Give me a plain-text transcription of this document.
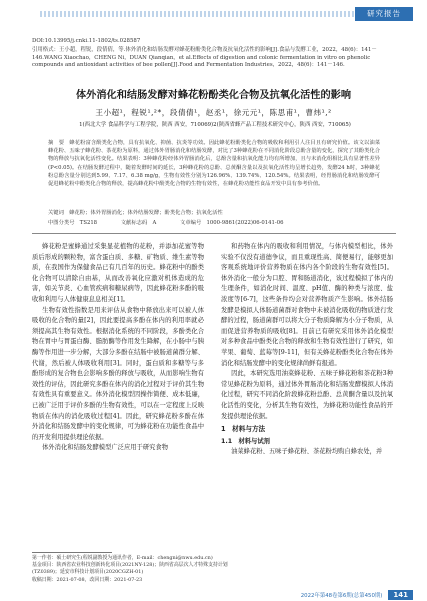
研究报告
DOI:10.13995/j.cnki.11-1802/ts.028587
引用格式：王小超，程锐，段倩倩，等.体外消化和结肠发酵对蜂花粉酚类化合物及抗氧化活性的影响[J].食品与发酵工业，2022，48(6)：141－146.WANG Xiaochao，CHENG Ni，DUAN Qianqian，et al.Effects of digestion and colonic fermentation in vitro on phenolic compounds and antioxidant activities of bee pollen[J].Food and Fermentation Industries，2022，48(6)：141－146.
体外消化和结肠发酵对蜂花粉酚类化合物及抗氧化活性的影响
王小超¹，程锐¹,²*，段倩倩¹，赵丞¹，徐元元¹，陈思甫¹，曹炜¹,²
1(西北大学 食品科学与工程学院，陕西 西安，710069)2(陕西省蜂产品工程技术研究中心，陕西 西安，710065)
摘　要　蜂花粉富含酚类化合物，具有抗氧化、抑菌、抗炎等功效。因此蜂花粉酚类化合物的吸收和利用引人注目且有研究价值。该文以油菜蜂花粉、五味子蜂花粉、茶花粉为原料，通过体外胃肠消化和结肠发酵，对比了3种蜂花粉在不同消化阶段总酚含量的变化，探究了其酚类化合物的释放与抗氧化活性变化。结果表明：3种蜂花粉经体外胃肠消化后，总酚含量和抗氧化能力均有所增加，且与未消化组相比具有显著性差异(P<0.05)。在结肠发酵过程中，随着发酵时间的延长，3种蜂花粉的总酚、总黄酮含量以及抗氧化活性均呈增长趋势，发酵24 h时，3种蜂花粉总酚含量分别达到5.99、7.17、6.38 mg/g，生物有效性分别为126.96%、139.74%、120.54%。结果表明，经胃肠消化和结肠发酵可促进蜂花粉中酚类化合物的释放，提高蜂花粉中酚类化合物的生物有效性，在蜂花粉功能性食品开发中具有参考价值。
关键词　蜂花粉；体外胃肠消化；体外结肠发酵；酚类化合物；抗氧化活性
中图分类号　TS218	文献标志码　A	文章编号　1000-9861(2022)06-0141-06

蜂花粉是蜜蜂通过采集显花植物的花粉，并添加花蜜等物质后形成的颗粒物，富含蛋白质、多糖、矿物质、维生素等物质，在我国作为保健食品已有几百年的历史。蜂花粉中的酚类化合物可以清除自由基，从而改善氧化应激对机体造成的危害，如关节炎、心血管疾病和糖尿病等，因此蜂花粉多酚的吸收和利用与人体健康息息相关[1]。

生物有效性指数是用来评估从食物中释放出来可以被人体吸收的化合物的量[2]，因此要提高多酚在体内的利用率就必须提高其生物有效性。根据消化系统的不同阶段，多酚类化合物在胃中与胃蛋白酶、脂肪酶等作用发生降解，在小肠中与胰酶等作用进一步分解，大部分多酚在结肠中被肠道菌群分解、代谢，然后被人体吸收利用[3]。同时，蛋白质和多糖等与多酚形成的复合物也会影响多酚的释放与吸收，从而影响生物有效性的评估，因此研究多酚在体内的消化过程对于评价其生物有效性具有重要意义。体外消化模型因操作简便、成本低廉，已被广泛用于评价多酚的生物有效性，可以在一定程度上反映物质在体内的消化吸收过程[4]。因此，研究蜂花粉多酚在体外消化和结肠发酵中的变化规律，可为蜂花粉在功能性食品中的开发利用提供理论依据。

体外消化和结肠发酵模型广泛应用于研究食物

和药物在体内的吸收和利用情况，与体内模型相比，体外实验不仅没有道德争议，而且重现性高、简便易行，能够更加客观系统地评价营养物质在体内各个阶段的生物有效性[5]。体外消化一般分为口腔、胃和肠道消化，该过程模拟了体内的生理条件，如消化时间、温度、pH值、酶的种类与浓度、盐浓度等[6-7]，这些条件均会对营养物质产生影响。体外结肠发酵是模拟人体肠道菌群对食物中未被消化吸收的物质进行发酵的过程，肠道菌群可以将大分子物质降解为小分子物质，从而促进营养物质的吸收[8]。目前已有研究采用体外消化模型对多种食品中酚类化合物的释放和生物有效性进行了研究，如苹果、葡萄、蓝莓等[9-11]，但有关蜂花粉酚类化合物在体外消化和结肠发酵中的变化规律尚鲜有报道。

因此，本研究选用油菜蜂花粉、五味子蜂花粉和茶花粉3种常见蜂花粉为原料，通过体外胃肠消化和结肠发酵模拟人体消化过程，研究不同消化阶段蜂花粉总酚、总黄酮含量以及抗氧化活性的变化，分析其生物有效性，为蜂花粉功能性食品的开发提供理论依据。

1　材料与方法

1.1　材料与试剂

油菜蜂花粉、五味子蜂花粉、茶花粉均购自蜂农处，并

第一作者：硕士研究生(程锐副教授为通讯作者，E-mail：chengni@nwu.edu.cn)
基金项目：陕西省农业科技创新转化项目(2021NY-128)；陕西省高层次人才特殊支持计划(TZ0389)；延安市科技计划项目(2020CGZH-01)
收稿日期：2021-07-08，改回日期：2021-07-23
2022年第48卷第6期(总第450期)	141
